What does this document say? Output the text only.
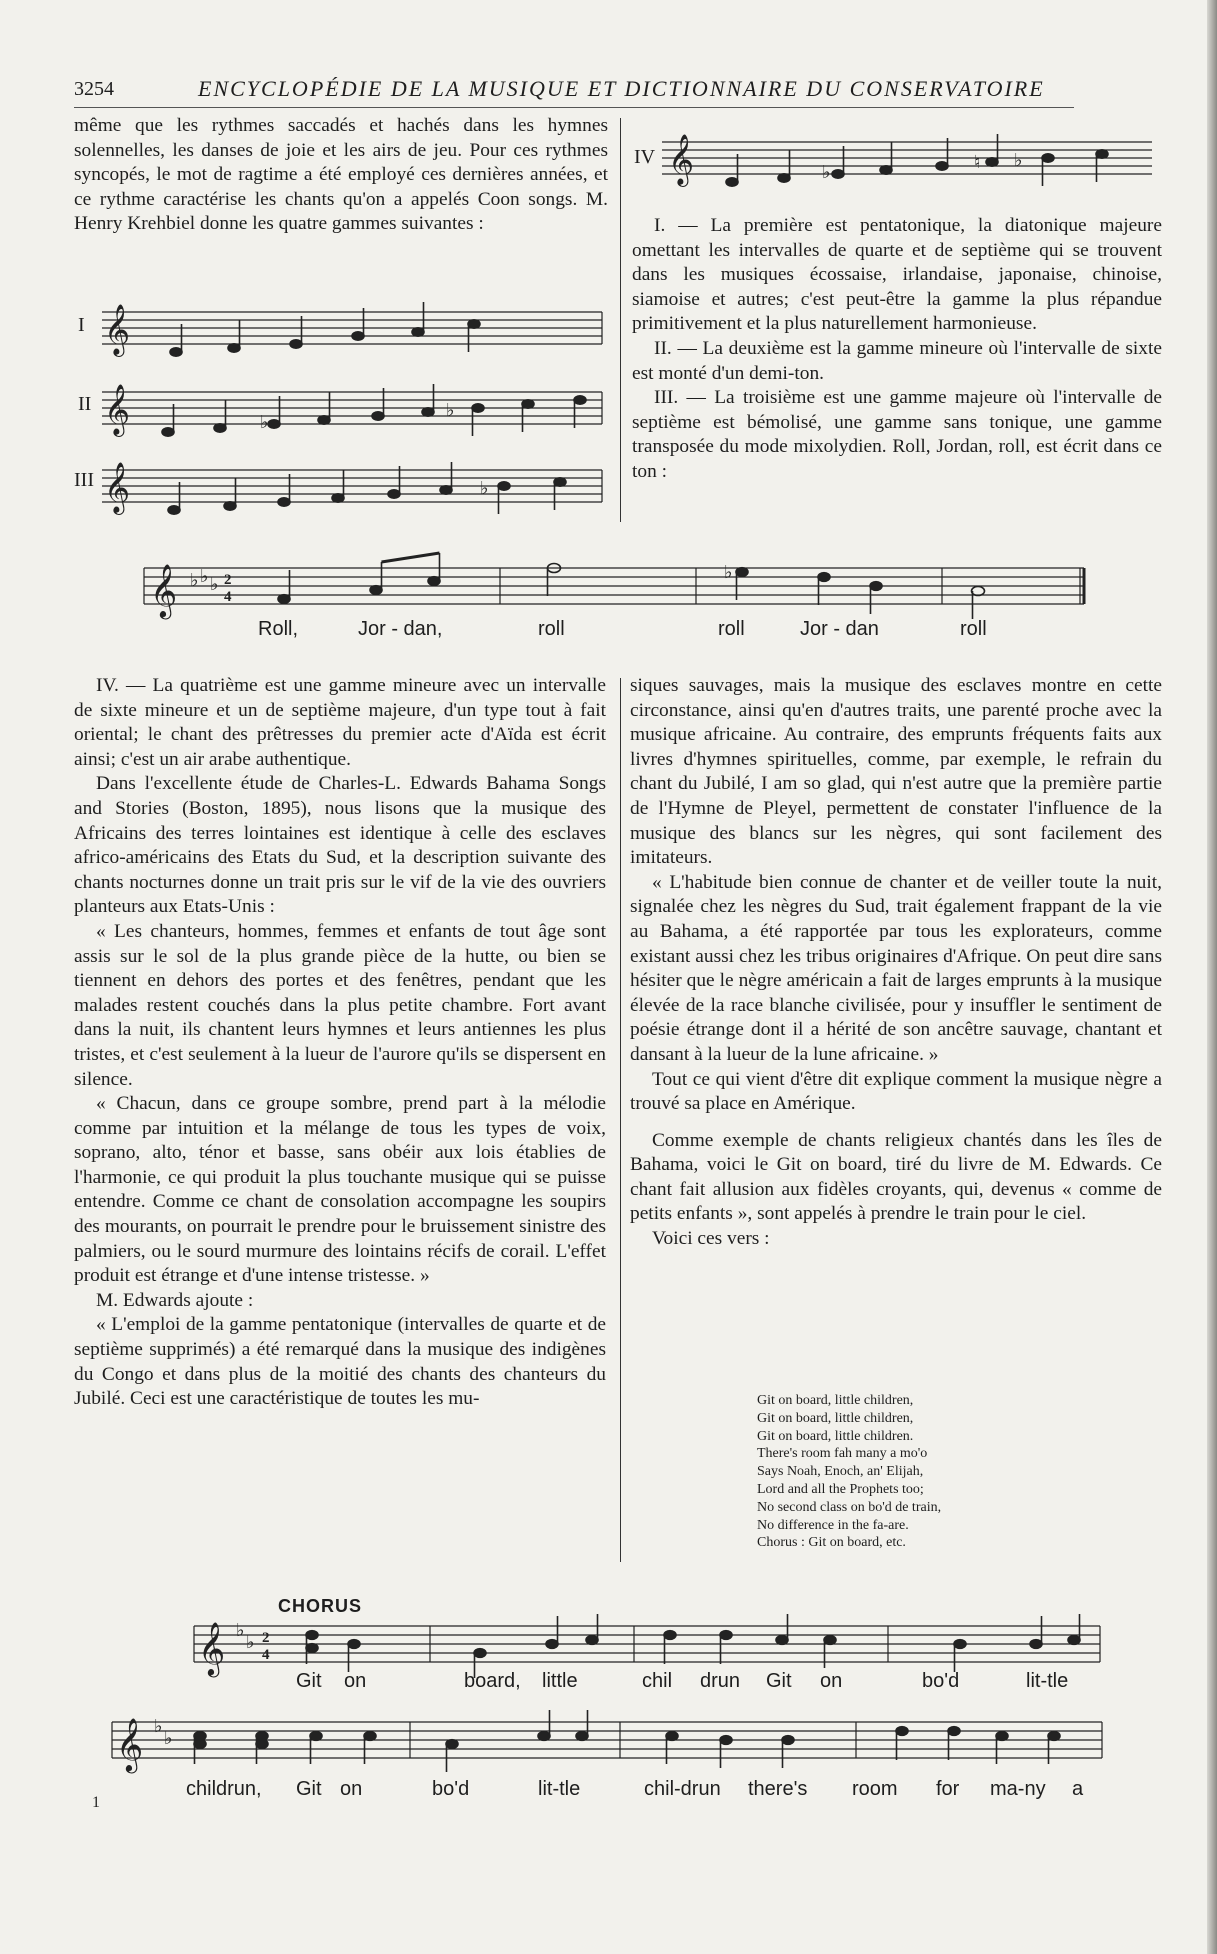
3254	ENCYCLOPÉDIE DE LA MUSIQUE ET DICTIONNAIRE DU CONSERVATOIRE

même que les rythmes saccadés et hachés dans les hymnes solennelles, les danses de joie et les airs de jeu. Pour ces rythmes syncopés, le mot de ragtime a été employé ces dernières années, et ce rythme caractérise les chants qu'on a appelés Coon songs. M. Henry Krehbiel donne les quatre gammes suivantes :

I
II
III
IV
𝄞
𝄞	♭
♭
𝄞	♭
𝄞	♭
♭
♮

I. — La première est pentatonique, la diatonique majeure omettant les intervalles de quarte et de septième qui se trouvent dans les musiques écossaise, irlandaise, japonaise, chinoise, siamoise et autres; c'est peut-être la gamme la plus répandue primitivement et la plus naturellement harmonieuse.

II. — La deuxième est la gamme mineure où l'intervalle de sixte est monté d'un demi-ton.

III. — La troisième est une gamme majeure où l'intervalle de septième est bémolisé, une gamme sans tonique, une gamme transposée du mode mixolydien. Roll, Jordan, roll, est écrit dans ce ton :

𝄞 ♭ ♭ ♭ 2
4
♭
Roll,	Jor - dan,	roll	roll	Jor - dan	roll

IV. — La quatrième est une gamme mineure avec un intervalle de sixte mineure et un de septième majeure, d'un type tout à fait oriental; le chant des prêtresses du premier acte d'Aïda est écrit ainsi; c'est un air arabe authentique.

Dans l'excellente étude de Charles-L. Edwards Bahama Songs and Stories (Boston, 1895), nous lisons que la musique des Africains des terres lointaines est identique à celle des esclaves africo-américains des Etats du Sud, et la description suivante des chants nocturnes donne un trait pris sur le vif de la vie des ouvriers planteurs aux Etats-Unis :

« Les chanteurs, hommes, femmes et enfants de tout âge sont assis sur le sol de la plus grande pièce de la hutte, ou bien se tiennent en dehors des portes et des fenêtres, pendant que les malades restent couchés dans la plus petite chambre. Fort avant dans la nuit, ils chantent leurs hymnes et leurs antiennes les plus tristes, et c'est seulement à la lueur de l'aurore qu'ils se dispersent en silence.

« Chacun, dans ce groupe sombre, prend part à la mélodie comme par intuition et la mélange de tous les types de voix, soprano, alto, ténor et basse, sans obéir aux lois établies de l'harmonie, ce qui produit la plus touchante musique qui se puisse entendre. Comme ce chant de consolation accompagne les soupirs des mourants, on pourrait le prendre pour le bruissement sinistre des palmiers, ou le sourd murmure des lointains récifs de corail. L'effet produit est étrange et d'une intense tristesse. »

M. Edwards ajoute :

« L'emploi de la gamme pentatonique (intervalles de quarte et de septième supprimés) a été remarqué dans la musique des indigènes du Congo et dans plus de la moitié des chants des chanteurs du Jubilé. Ceci est une caractéristique de toutes les mu-

siques sauvages, mais la musique des esclaves montre en cette circonstance, ainsi qu'en d'autres traits, une parenté proche avec la musique africaine. Au contraire, des emprunts fréquents faits aux livres d'hymnes spirituelles, comme, par exemple, le refrain du chant du Jubilé, I am so glad, qui n'est autre que la première partie de l'Hymne de Pleyel, permettent de constater l'influence de la musique des blancs sur les nègres, qui sont facilement des imitateurs.

« L'habitude bien connue de chanter et de veiller toute la nuit, signalée chez les nègres du Sud, trait également frappant de la vie au Bahama, a été rapportée par tous les explorateurs, comme existant aussi chez les tribus originaires d'Afrique. On peut dire sans hésiter que le nègre américain a fait de larges emprunts à la musique élevée de la race blanche civilisée, pour y insuffler le sentiment de poésie étrange dont il a hérité de son ancêtre sauvage, chantant et dansant à la lueur de la lune africaine. »

Tout ce qui vient d'être dit explique comment la musique nègre a trouvé sa place en Amérique.

Comme exemple de chants religieux chantés dans les îles de Bahama, voici le Git on board, tiré du livre de M. Edwards. Ce chant fait allusion aux fidèles croyants, qui, devenus « comme de petits enfants », sont appelés à prendre le train pour le ciel.

Voici ces vers :

Git on board, little children,
Git on board, little children,
Git on board, little children.
There's room fah many a mo'o
Says Noah, Enoch, an' Elijah,
Lord and all the Prophets too;
No second class on bo'd de train,
No difference in the fa-are.
Chorus : Git on board, etc.
CHORUS
𝄞 ♭
♭ 2
4
Git on	board, little	chil drun Git on	bo'd	lit-tle
𝄞 ♭
♭
childrun, Git on	bo'd	lit-tle	chil-drun there's room for ma-ny a
1
